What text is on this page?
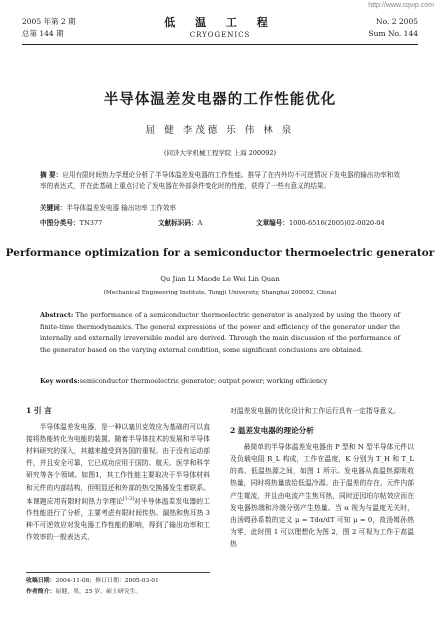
http://www.cqvip.com
2005 年第 2 期
总第 144 期
低 温 工 程
CRYOGENICS
No. 2 2005
Sum No. 144
半导体温差发电器的工作性能优化
屈 健 李茂德 乐 伟 林 泉
(同济大学机械工程学院 上海 200092)
摘 要：应用有限时间热力学理论分析了半导体温差发电器的工作性能。推导了在内外均不可逆情况下发电器的输出功率和效率的表达式，并在此基础上重点讨论了发电器在外部条件变化时的性能，获得了一些有意义的结果。
关键词：半导体温差发电器 输出功率 工作效率
中图分类号：TN377	文献标识码：A	文章编号：1000-6516(2005)02-0020-04
Performance optimization for a semiconductor thermoelectric generator
Qu Jian Li Maode Le Wei Lin Quan
(Mechanical Engineering Institute, Tongji University, Shanghai 200092, China)
Abstract: The performance of a semiconductor thermoelectric generator is analyzed by using the theory of finite-time thermodynamics. The general expressions of the power and efficiency of the generator under the internally and externally irreversible model are derived. Through the main discussion of the performance of the generator based on the varying external condition, some significant conclusions are obtained.
Key words:semiconductor thermoelectric generator; output power; working efficiency
1 引 言

半导体温差发电器，是一种以塞贝克效应为基础的可以直接将热能转化为电能的装置。随着半导体技术的发展和半导体材料研究的深入，其越来越受到各国的重视。由于没有运动部件，并且安全可靠，它已成功应用于国防、航天、医学和科学研究等各个领域。如图1，其工作性能主要取决于半导体材料和元件的内部结构，但明显还和外部的热交换器发生着联系。本课题应用有限时间热力学理论[1-3]对半导体温差发电器的工作性能进行了分析，主要考虑有限时间传热、漏热和焦耳热 3 种不可逆效应对发电器工作性能的影响，得到了输出功率和工作效率的一般表达式，

对温差发电器的优化设计和工作运行具有一定指导意义。

2 温差发电器的理论分析

最简单的半导体温差发电器由 P 型和 N 型半导体元件以及负载电阻 R_L 构成，工作在温度，K 分别为 T_H 和 T_L 的高、低温热源之间，如图 1 所示。发电器从高温热源吸收热量，同时将热量放给低温冷源。由于温差的存在，元件内部产生電流，并且由电流产生焦耳热，同时还因珀尔帖效应而在发电器热端和冷端分别产生热量。当 α 视为与温度无关时，由汤姆孙系数的定义 μ = Tdα/dT 可知 μ = 0，故汤姆孙热为零，此时图 1 可以理想化为图 2，图 2 可视为工作于高温热

收稿日期：2004-11-08；修订日期：2005-03-01
作者简介：屈健，男，25 岁，硕士研究生。
